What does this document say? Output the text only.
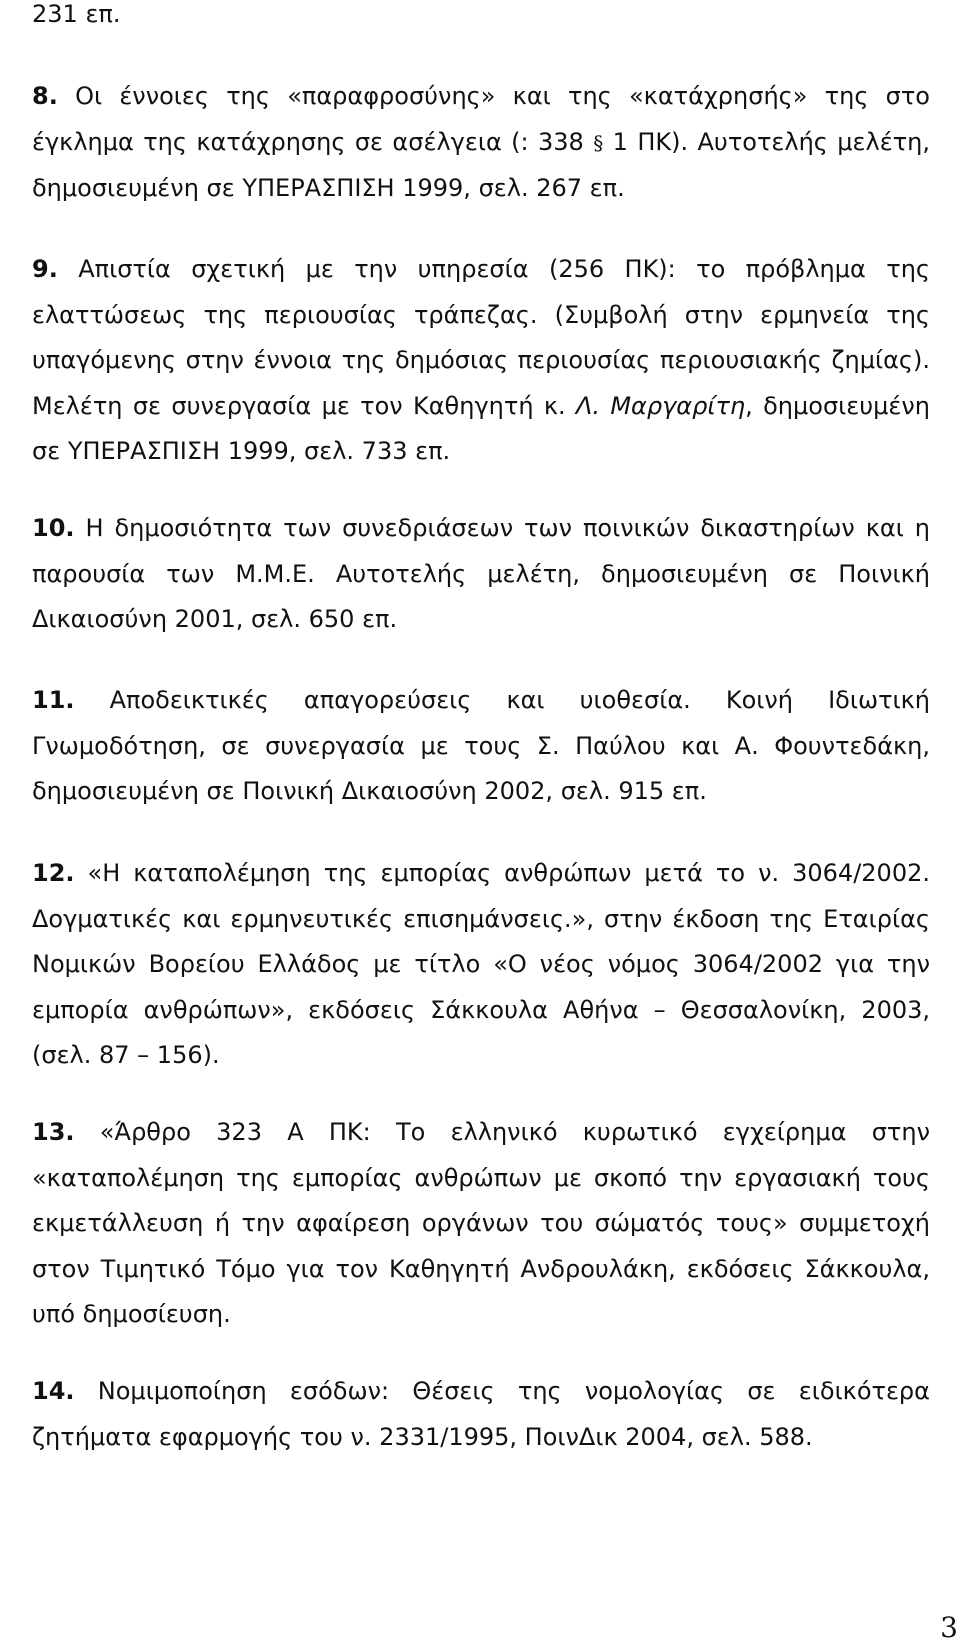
231 επ.
8. Οι έννοιες της «παραφροσύνης» και της «κατάχρησής» της στο έγκλημα της κατάχρησης σε ασέλγεια (: 338 § 1 ΠΚ). Αυτοτελής μελέτη, δημοσιευμένη σε ΥΠΕΡΑΣΠΙΣΗ 1999, σελ. 267 επ.
9. Απιστία σχετική με την υπηρεσία (256 ΠΚ): το πρόβλημα της ελαττώσεως της περιουσίας τράπεζας. (Συμβολή στην ερμηνεία της υπαγόμενης στην έννοια της δημόσιας περιουσίας περιουσιακής ζημίας). Μελέτη σε συνεργασία με τον Καθηγητή κ. Λ. Μαργαρίτη, δημοσιευμένη σε ΥΠΕΡΑΣΠΙΣΗ 1999, σελ. 733 επ.
10. Η δημοσιότητα των συνεδριάσεων των ποινικών δικαστηρίων και η παρουσία των Μ.Μ.Ε. Αυτοτελής μελέτη, δημοσιευμένη σε Ποινική Δικαιοσύνη 2001, σελ. 650 επ.
11. Αποδεικτικές απαγορεύσεις και υιοθεσία. Κοινή Ιδιωτική Γνωμοδότηση, σε συνεργασία με τους Σ. Παύλου και Α. Φουντεδάκη, δημοσιευμένη σε Ποινική Δικαιοσύνη 2002, σελ. 915 επ.
12. «Η καταπολέμηση της εμπορίας ανθρώπων μετά το ν. 3064/2002. Δογματικές και ερμηνευτικές επισημάνσεις.», στην έκδοση της Εταιρίας Νομικών Βορείου Ελλάδος με τίτλο «Ο νέος νόμος 3064/2002 για την εμπορία ανθρώπων», εκδόσεις Σάκκουλα Αθήνα – Θεσσαλονίκη, 2003, (σελ. 87 – 156).
13. «Άρθρο 323 Α ΠΚ: Το ελληνικό κυρωτικό εγχείρημα στην «καταπολέμηση της εμπορίας ανθρώπων με σκοπό την εργασιακή τους εκμετάλλευση ή την αφαίρεση οργάνων του σώματός τους» συμμετοχή στον Τιμητικό Τόμο για τον Καθηγητή Ανδρουλάκη, εκδόσεις Σάκκουλα, υπό δημοσίευση.
14. Νομιμοποίηση εσόδων: Θέσεις της νομολογίας σε ειδικότερα ζητήματα εφαρμογής του ν. 2331/1995, ΠοινΔικ 2004, σελ. 588.
3
